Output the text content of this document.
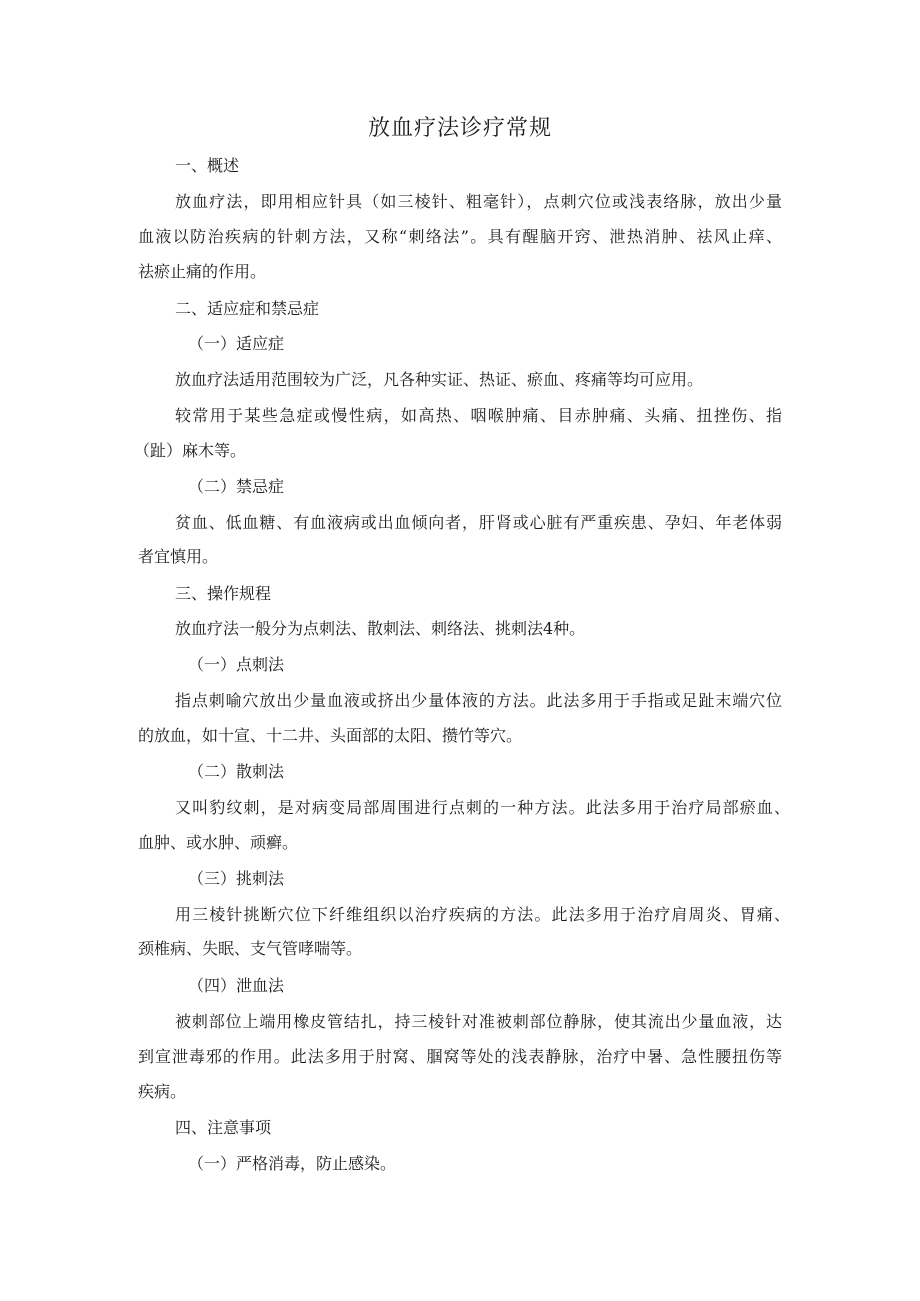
放血疗法诊疗常规
一、概述
放血疗法，即用相应针具（如三棱针、粗毫针），点刺穴位或浅表络脉，放出少量
血液以防治疾病的针刺方法，又称“刺络法”。具有醒脑开窍、泄热消肿、祛风止痒、
祛瘀止痛的作用。
二、适应症和禁忌症
（一）适应症
放血疗法适用范围较为广泛，凡各种实证、热证、瘀血、疼痛等均可应用。
较常用于某些急症或慢性病，如高热、咽喉肿痛、目赤肿痛、头痛、扭挫伤、指
（趾）麻木等。
（二）禁忌症
贫血、低血糖、有血液病或出血倾向者，肝肾或心脏有严重疾患、孕妇、年老体弱
者宜慎用。
三、操作规程
放血疗法一般分为点刺法、散刺法、刺络法、挑刺法4种。
（一）点刺法
指点刺喻穴放出少量血液或挤出少量体液的方法。此法多用于手指或足趾末端穴位
的放血，如十宣、十二井、头面部的太阳、攒竹等穴。
（二）散刺法
又叫豹纹刺，是对病变局部周围进行点刺的一种方法。此法多用于治疗局部瘀血、
血肿、或水肿、顽癣。
（三）挑刺法
用三棱针挑断穴位下纤维组织以治疗疾病的方法。此法多用于治疗肩周炎、胃痛、
颈椎病、失眠、支气管哮喘等。
（四）泄血法
被刺部位上端用橡皮管结扎，持三棱针对准被刺部位静脉，使其流出少量血液，达
到宣泄毒邪的作用。此法多用于肘窝、腘窝等处的浅表静脉，治疗中暑、急性腰扭伤等
疾病。
四、注意事项
（一）严格消毒，防止感染。
